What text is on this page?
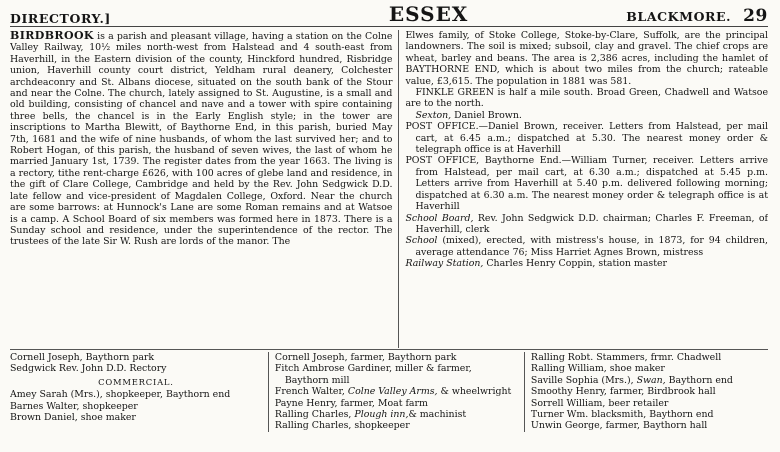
DIRECTORY.]	ESSEX	BLACKMORE. 29

BIRDBROOK is a parish and pleasant village, having a station on the Colne Valley Railway, 10½ miles north-west from Halstead and 4 south-east from Haverhill, in the Eastern division of the county, Hinckford hundred, Risbridge union, Haverhill county court district, Yeldham rural deanery, Colchester archdeaconry and St. Albans diocese, situated on the south bank of the Stour and near the Colne. The church, lately assigned to St. Augustine, is a small and old building, consisting of chancel and nave and a tower with spire containing three bells, the chancel is in the Early English style; in the tower are inscriptions to Martha Blewitt, of Baythorne End, in this parish, buried May 7th, 1681 and the wife of nine husbands, of whom the last survived her; and to Robert Hogan, of this parish, the husband of seven wives, the last of whom he married January 1st, 1739. The register dates from the year 1663. The living is a rectory, tithe rent-charge £626, with 100 acres of glebe land and residence, in the gift of Clare College, Cambridge and held by the Rev. John Sedgwick D.D. late fellow and vice-president of Magdalen College, Oxford. Near the church are some barrows: at Hunnock's Lane are some Roman remains and at Watsoe is a camp. A School Board of six members was formed here in 1873. There is a Sunday school and residence, under the superintendence of the rector. The trustees of the late Sir W. Rush are lords of the manor. The

Elwes family, of Stoke College, Stoke-by-Clare, Suffolk, are the principal landowners. The soil is mixed; subsoil, clay and gravel. The chief crops are wheat, barley and beans. The area is 2,386 acres, including the hamlet of BAYTHORNE END, which is about two miles from the church; rateable value, £3,615. The population in 1881 was 581.

FINKLE GREEN is half a mile south. Broad Green, Chadwell and Watsoe are to the north.

Sexton, Daniel Brown.

POST OFFICE.—Daniel Brown, receiver. Letters from Halstead, per mail cart, at 6.45 a.m.; dispatched at 5.30. The nearest money order & telegraph office is at Haverhill

POST OFFICE, Baythorne End.—William Turner, receiver. Letters arrive from Halstead, per mail cart, at 6.30 a.m.; dispatched at 5.45 p.m. Letters arrive from Haverhill at 5.40 p.m. delivered following morning; dispatched at 6.30 a.m. The nearest money order & telegraph office is at Haverhill

School Board, Rev. John Sedgwick D.D. chairman; Charles F. Freeman, of Haverhill, clerk

School (mixed), erected, with mistress's house, in 1873, for 94 children, average attendance 76; Miss Harriet Agnes Brown, mistress

Railway Station, Charles Henry Coppin, station master

Cornell Joseph, Baythorn park
Sedgwick Rev. John D.D. Rectory
COMMERCIAL.
Amey Sarah (Mrs.), shopkeeper, Baythorn end
Barnes Walter, shopkeeper
Brown Daniel, shoe maker
Cornell Joseph, farmer, Baythorn park
Fitch Ambrose Gardiner, miller & farmer, Baythorn mill
French Walter, Colne Valley Arms, & wheelwright
Payne Henry, farmer, Moat farm
Ralling Charles, Plough inn,& machinist
Ralling Charles, shopkeeper
Ralling Robt. Stammers, frmr. Chadwell
Ralling William, shoe maker
Saville Sophia (Mrs.), Swan, Baythorn end
Smoothy Henry, farmer, Birdbrook hall
Sorrell William, beer retailer
Turner Wm. blacksmith, Baythorn end
Unwin George, farmer, Baythorn hall
